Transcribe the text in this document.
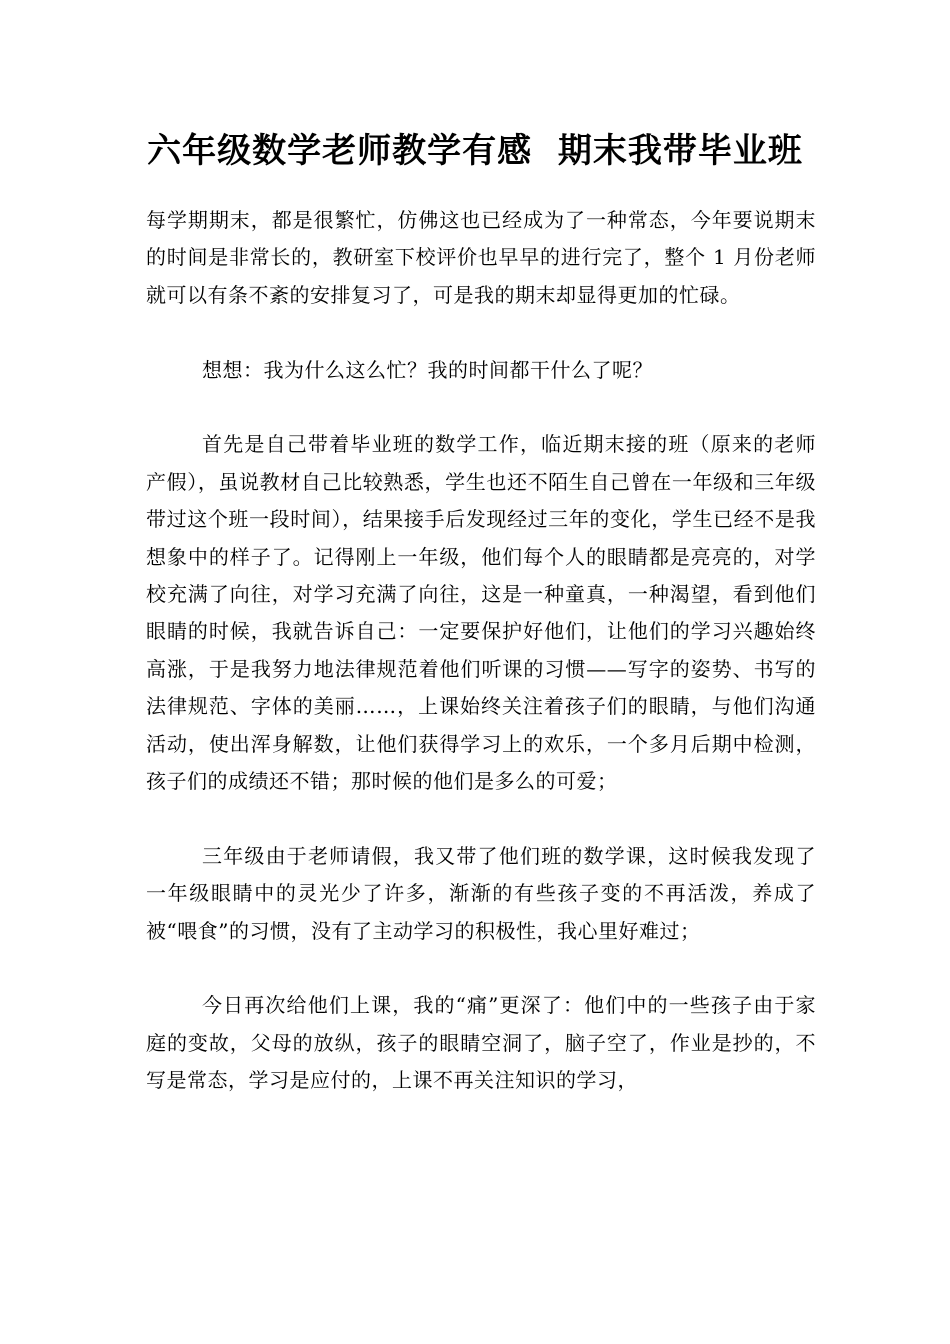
六年级数学老师教学有感  期末我带毕业班

每学期期末，都是很繁忙，仿佛这也已经成为了一种常态，今年要说期末的时间是非常长的，教研室下校评价也早早的进行完了，整个 1 月份老师就可以有条不紊的安排复习了，可是我的期末却显得更加的忙碌。

想想：我为什么这么忙？我的时间都干什么了呢？

首先是自己带着毕业班的数学工作，临近期末接的班（原来的老师产假），虽说教材自己比较熟悉，学生也还不陌生自己曾在一年级和三年级带过这个班一段时间），结果接手后发现经过三年的变化，学生已经不是我想象中的样子了。记得刚上一年级，他们每个人的眼睛都是亮亮的，对学校充满了向往，对学习充满了向往，这是一种童真，一种渴望，看到他们眼睛的时候，我就告诉自己：一定要保护好他们，让他们的学习兴趣始终高涨，于是我努力地法律规范着他们听课的习惯——写字的姿势、书写的法律规范、字体的美丽……，上课始终关注着孩子们的眼睛，与他们沟通活动，使出浑身解数，让他们获得学习上的欢乐，一个多月后期中检测，孩子们的成绩还不错；那时候的他们是多么的可爱；

三年级由于老师请假，我又带了他们班的数学课，这时候我发现了一年级眼睛中的灵光少了许多，渐渐的有些孩子变的不再活泼，养成了被“喂食”的习惯，没有了主动学习的积极性，我心里好难过；

今日再次给他们上课，我的“痛”更深了：他们中的一些孩子由于家庭的变故，父母的放纵，孩子的眼睛空洞了，脑子空了，作业是抄的，不写是常态，学习是应付的，上课不再关注知识的学习，
